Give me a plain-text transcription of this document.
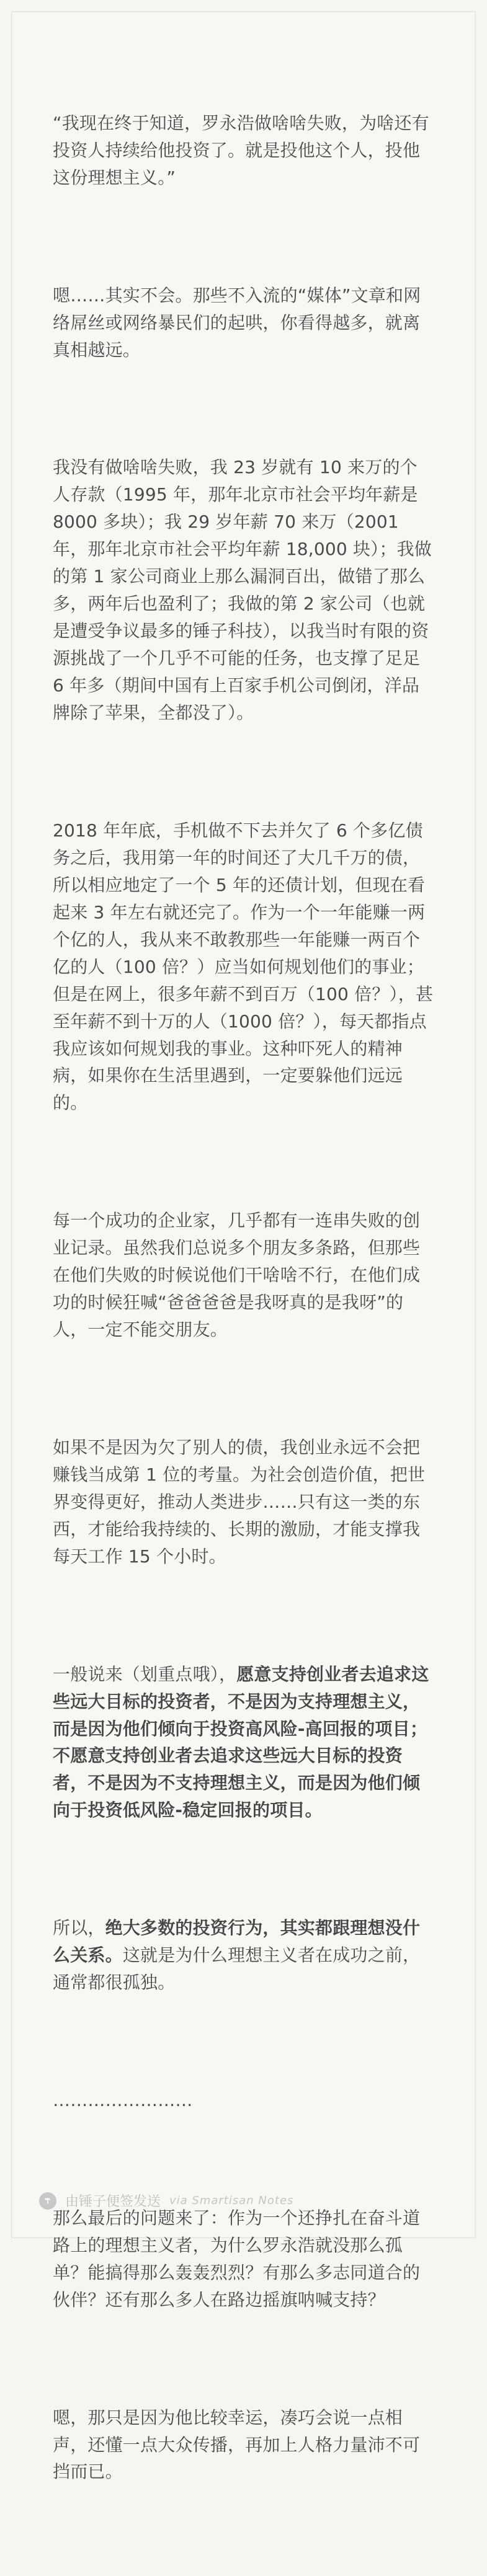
“我现在终于知道，罗永浩做啥啥失败，为啥还有投资人持续给他投资了。就是投他这个人，投他这份理想主义。”

嗯……其实不会。那些不入流的“媒体”文章和网络屌丝或网络暴民们的起哄，你看得越多，就离真相越远。

我没有做啥啥失败，我 23 岁就有 10 来万的个人存款（1995 年，那年北京市社会平均年薪是 8000 多块）；我 29 岁年薪 70 来万（2001 年，那年北京市社会平均年薪 18,000 块）；我做的第 1 家公司商业上那么漏洞百出，做错了那么多，两年后也盈利了；我做的第 2 家公司（也就是遭受争议最多的锤子科技），以我当时有限的资源挑战了一个几乎不可能的任务，也支撑了足足 6 年多（期间中国有上百家手机公司倒闭，洋品牌除了苹果，全都没了）。

2018 年年底，手机做不下去并欠了 6 个多亿债务之后，我用第一年的时间还了大几千万的债，所以相应地定了一个 5 年的还债计划，但现在看起来 3 年左右就还完了。作为一个一年能赚一两个亿的人，我从来不敢教那些一年能赚一两百个亿的人（100 倍？）应当如何规划他们的事业；但是在网上，很多年薪不到百万（100 倍？），甚至年薪不到十万的人（1000 倍？），每天都指点我应该如何规划我的事业。这种吓死人的精神病，如果你在生活里遇到，一定要躲他们远远的。

每一个成功的企业家，几乎都有一连串失败的创业记录。虽然我们总说多个朋友多条路，但那些在他们失败的时候说他们干啥啥不行，在他们成功的时候狂喊“爸爸爸爸是我呀真的是我呀”的人，一定不能交朋友。

如果不是因为欠了别人的债，我创业永远不会把赚钱当成第 1 位的考量。为社会创造价值，把世界变得更好，推动人类进步……只有这一类的东西，才能给我持续的、长期的激励，才能支撑我每天工作 15 个小时。

一般说来（划重点哦），愿意支持创业者去追求这些远大目标的投资者，不是因为支持理想主义，而是因为他们倾向于投资高风险-高回报的项目；不愿意支持创业者去追求这些远大目标的投资者，不是因为不支持理想主义，而是因为他们倾向于投资低风险-稳定回报的项目。

所以，绝大多数的投资行为，其实都跟理想没什么关系。这就是为什么理想主义者在成功之前，通常都很孤独。

……………………

那么最后的问题来了：作为一个还挣扎在奋斗道路上的理想主义者，为什么罗永浩就没那么孤单？能搞得那么轰轰烈烈？有那么多志同道合的伙伴？还有那么多人在路边摇旗呐喊支持？

嗯，那只是因为他比较幸运，凑巧会说一点相声，还懂一点大众传播，再加上人格力量沛不可挡而已。

由锤子便签发送 via Smartisan Notes
